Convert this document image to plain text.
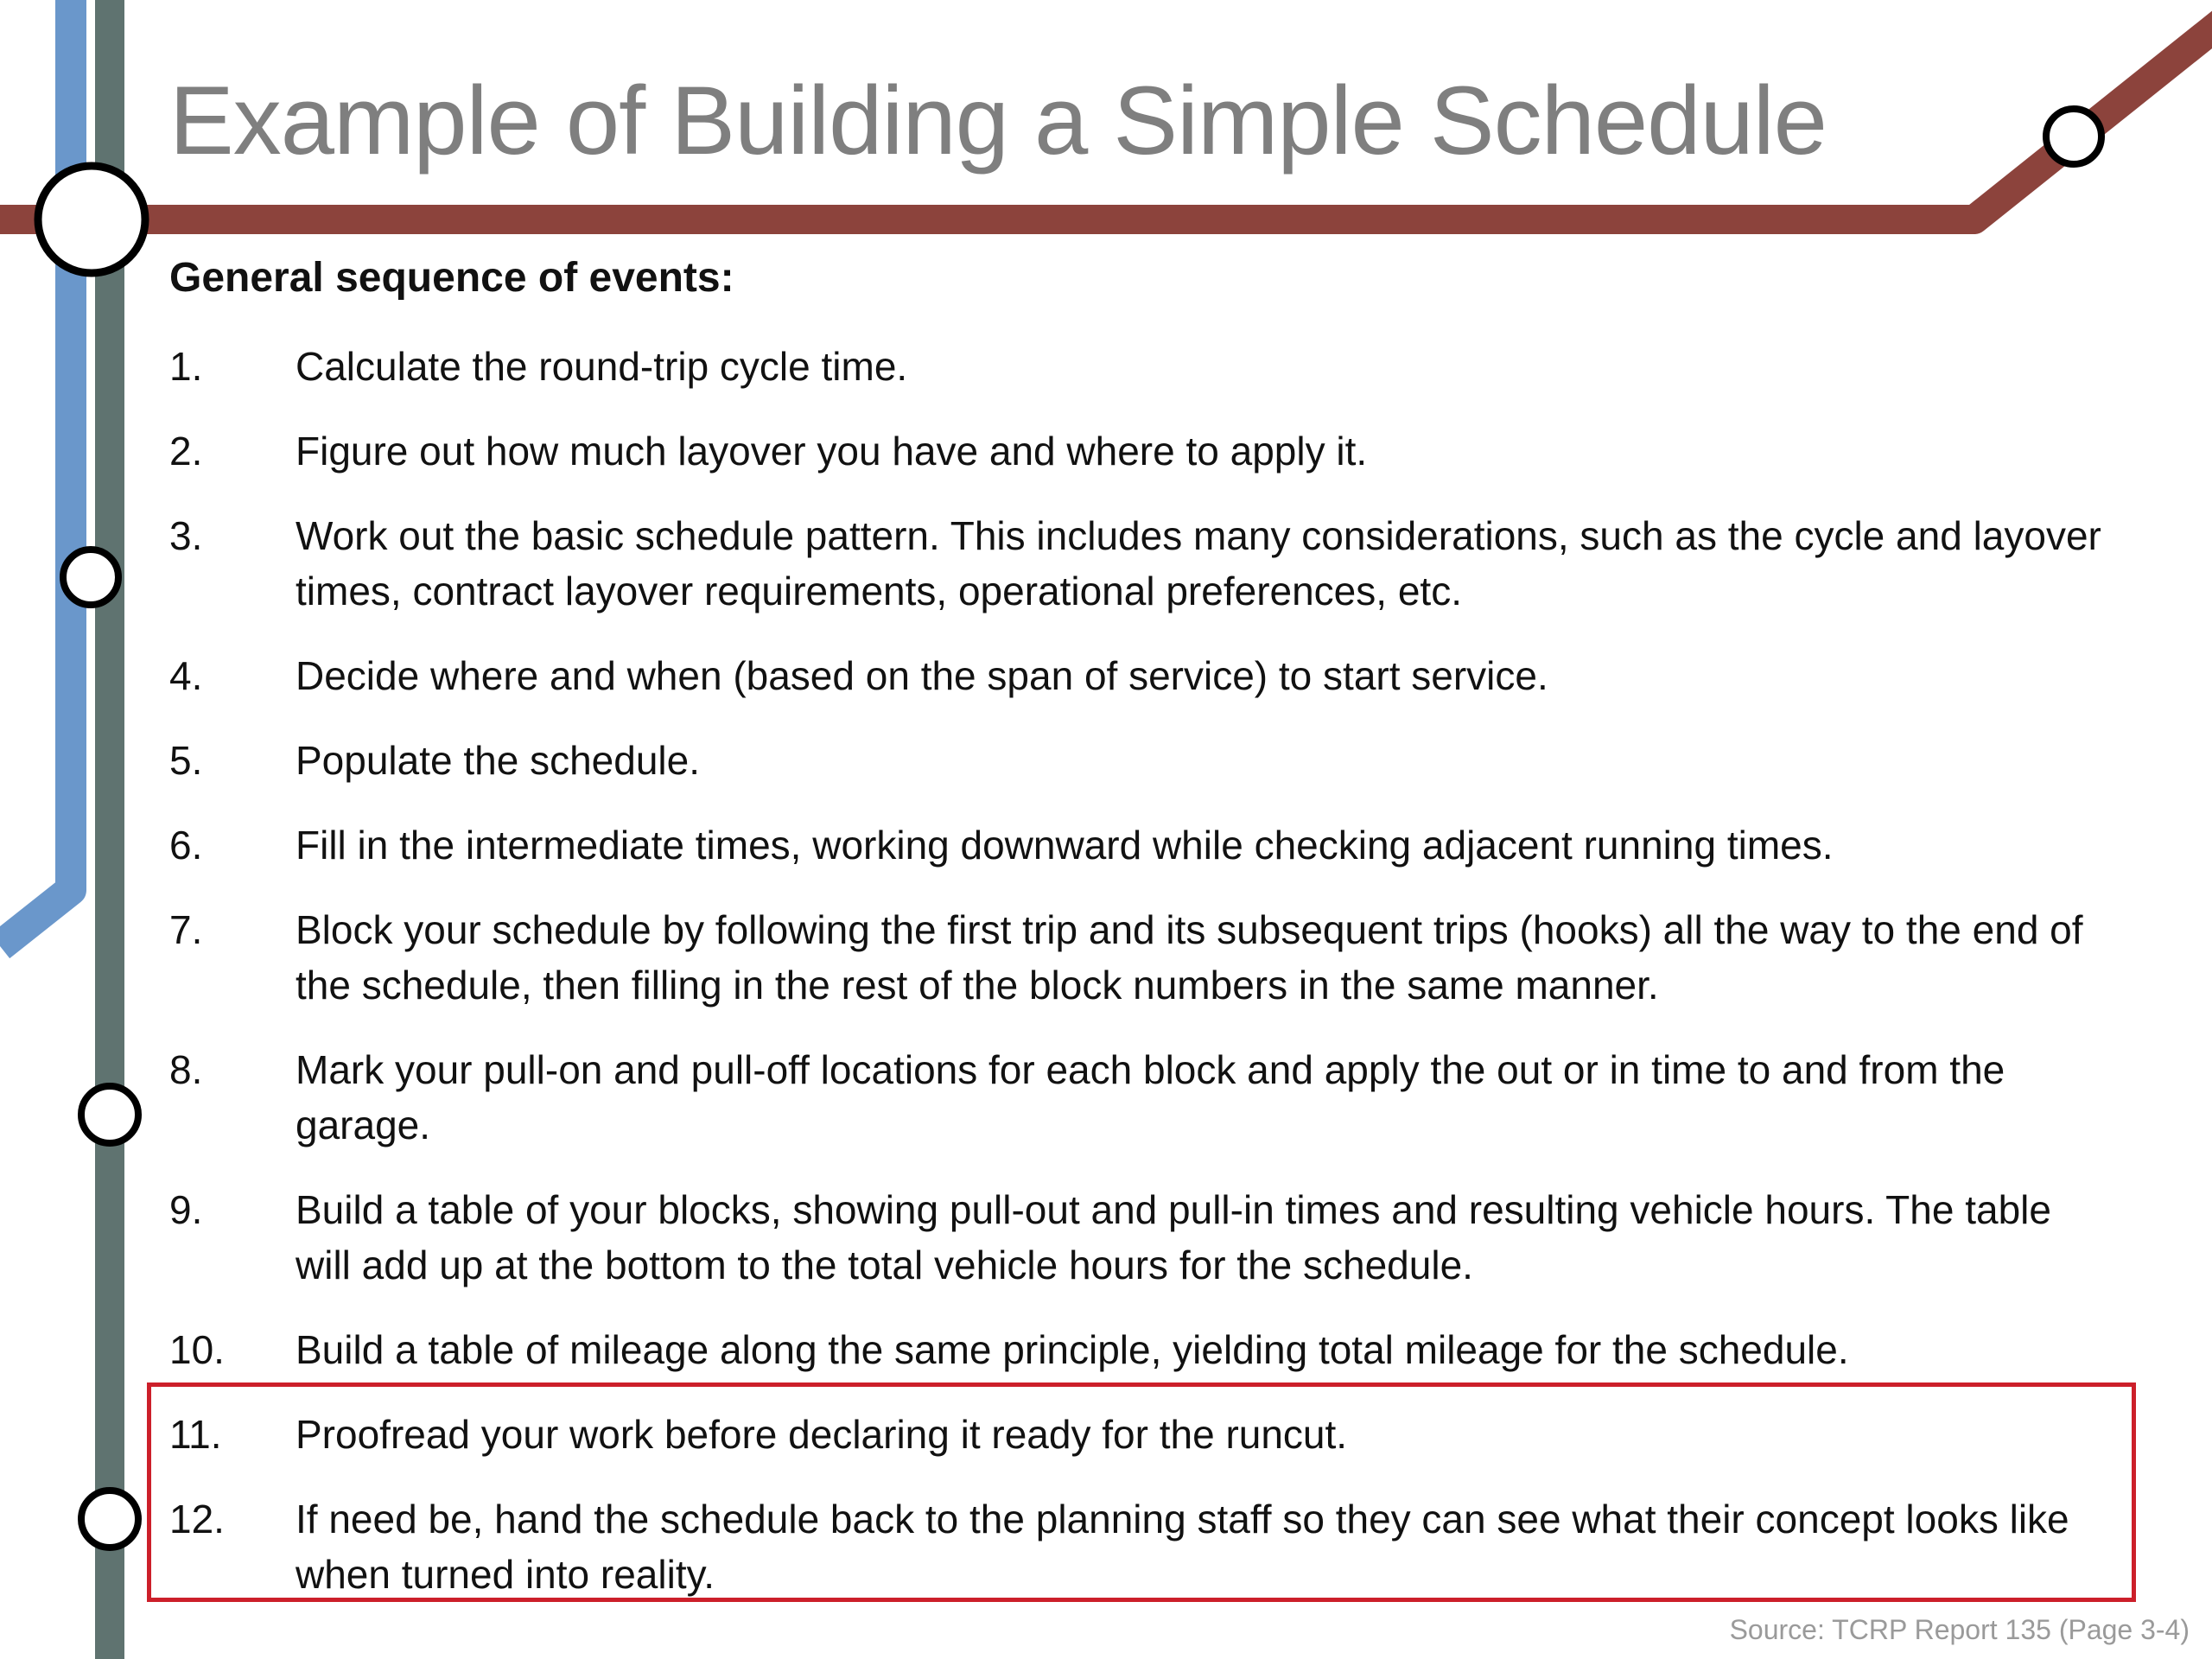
Example of Building a Simple Schedule

General sequence of events:

1. Calculate the round-trip cycle time.
2. Figure out how much layover you have and where to apply it.
3. Work out the basic schedule pattern. This includes many considerations, such as the cycle and layover times, contract layover requirements, operational preferences, etc.
4. Decide where and when (based on the span of service) to start service.
5. Populate the schedule.
6. Fill in the intermediate times, working downward while checking adjacent running times.
7. Block your schedule by following the first trip and its subsequent trips (hooks) all the way to the end of the schedule, then filling in the rest of the block numbers in the same manner.
8. Mark your pull-on and pull-off locations for each block and apply the out or in time to and from the garage.
9. Build a table of your blocks, showing pull-out and pull-in times and resulting vehicle hours. The table will add up at the bottom to the total vehicle hours for the schedule.
10. Build a table of mileage along the same principle, yielding total mileage for the schedule.
11. Proofread your work before declaring it ready for the runcut.
12. If need be, hand the schedule back to the planning staff so they can see what their concept looks like when turned into reality.
Source: TCRP Report 135 (Page 3-4)
